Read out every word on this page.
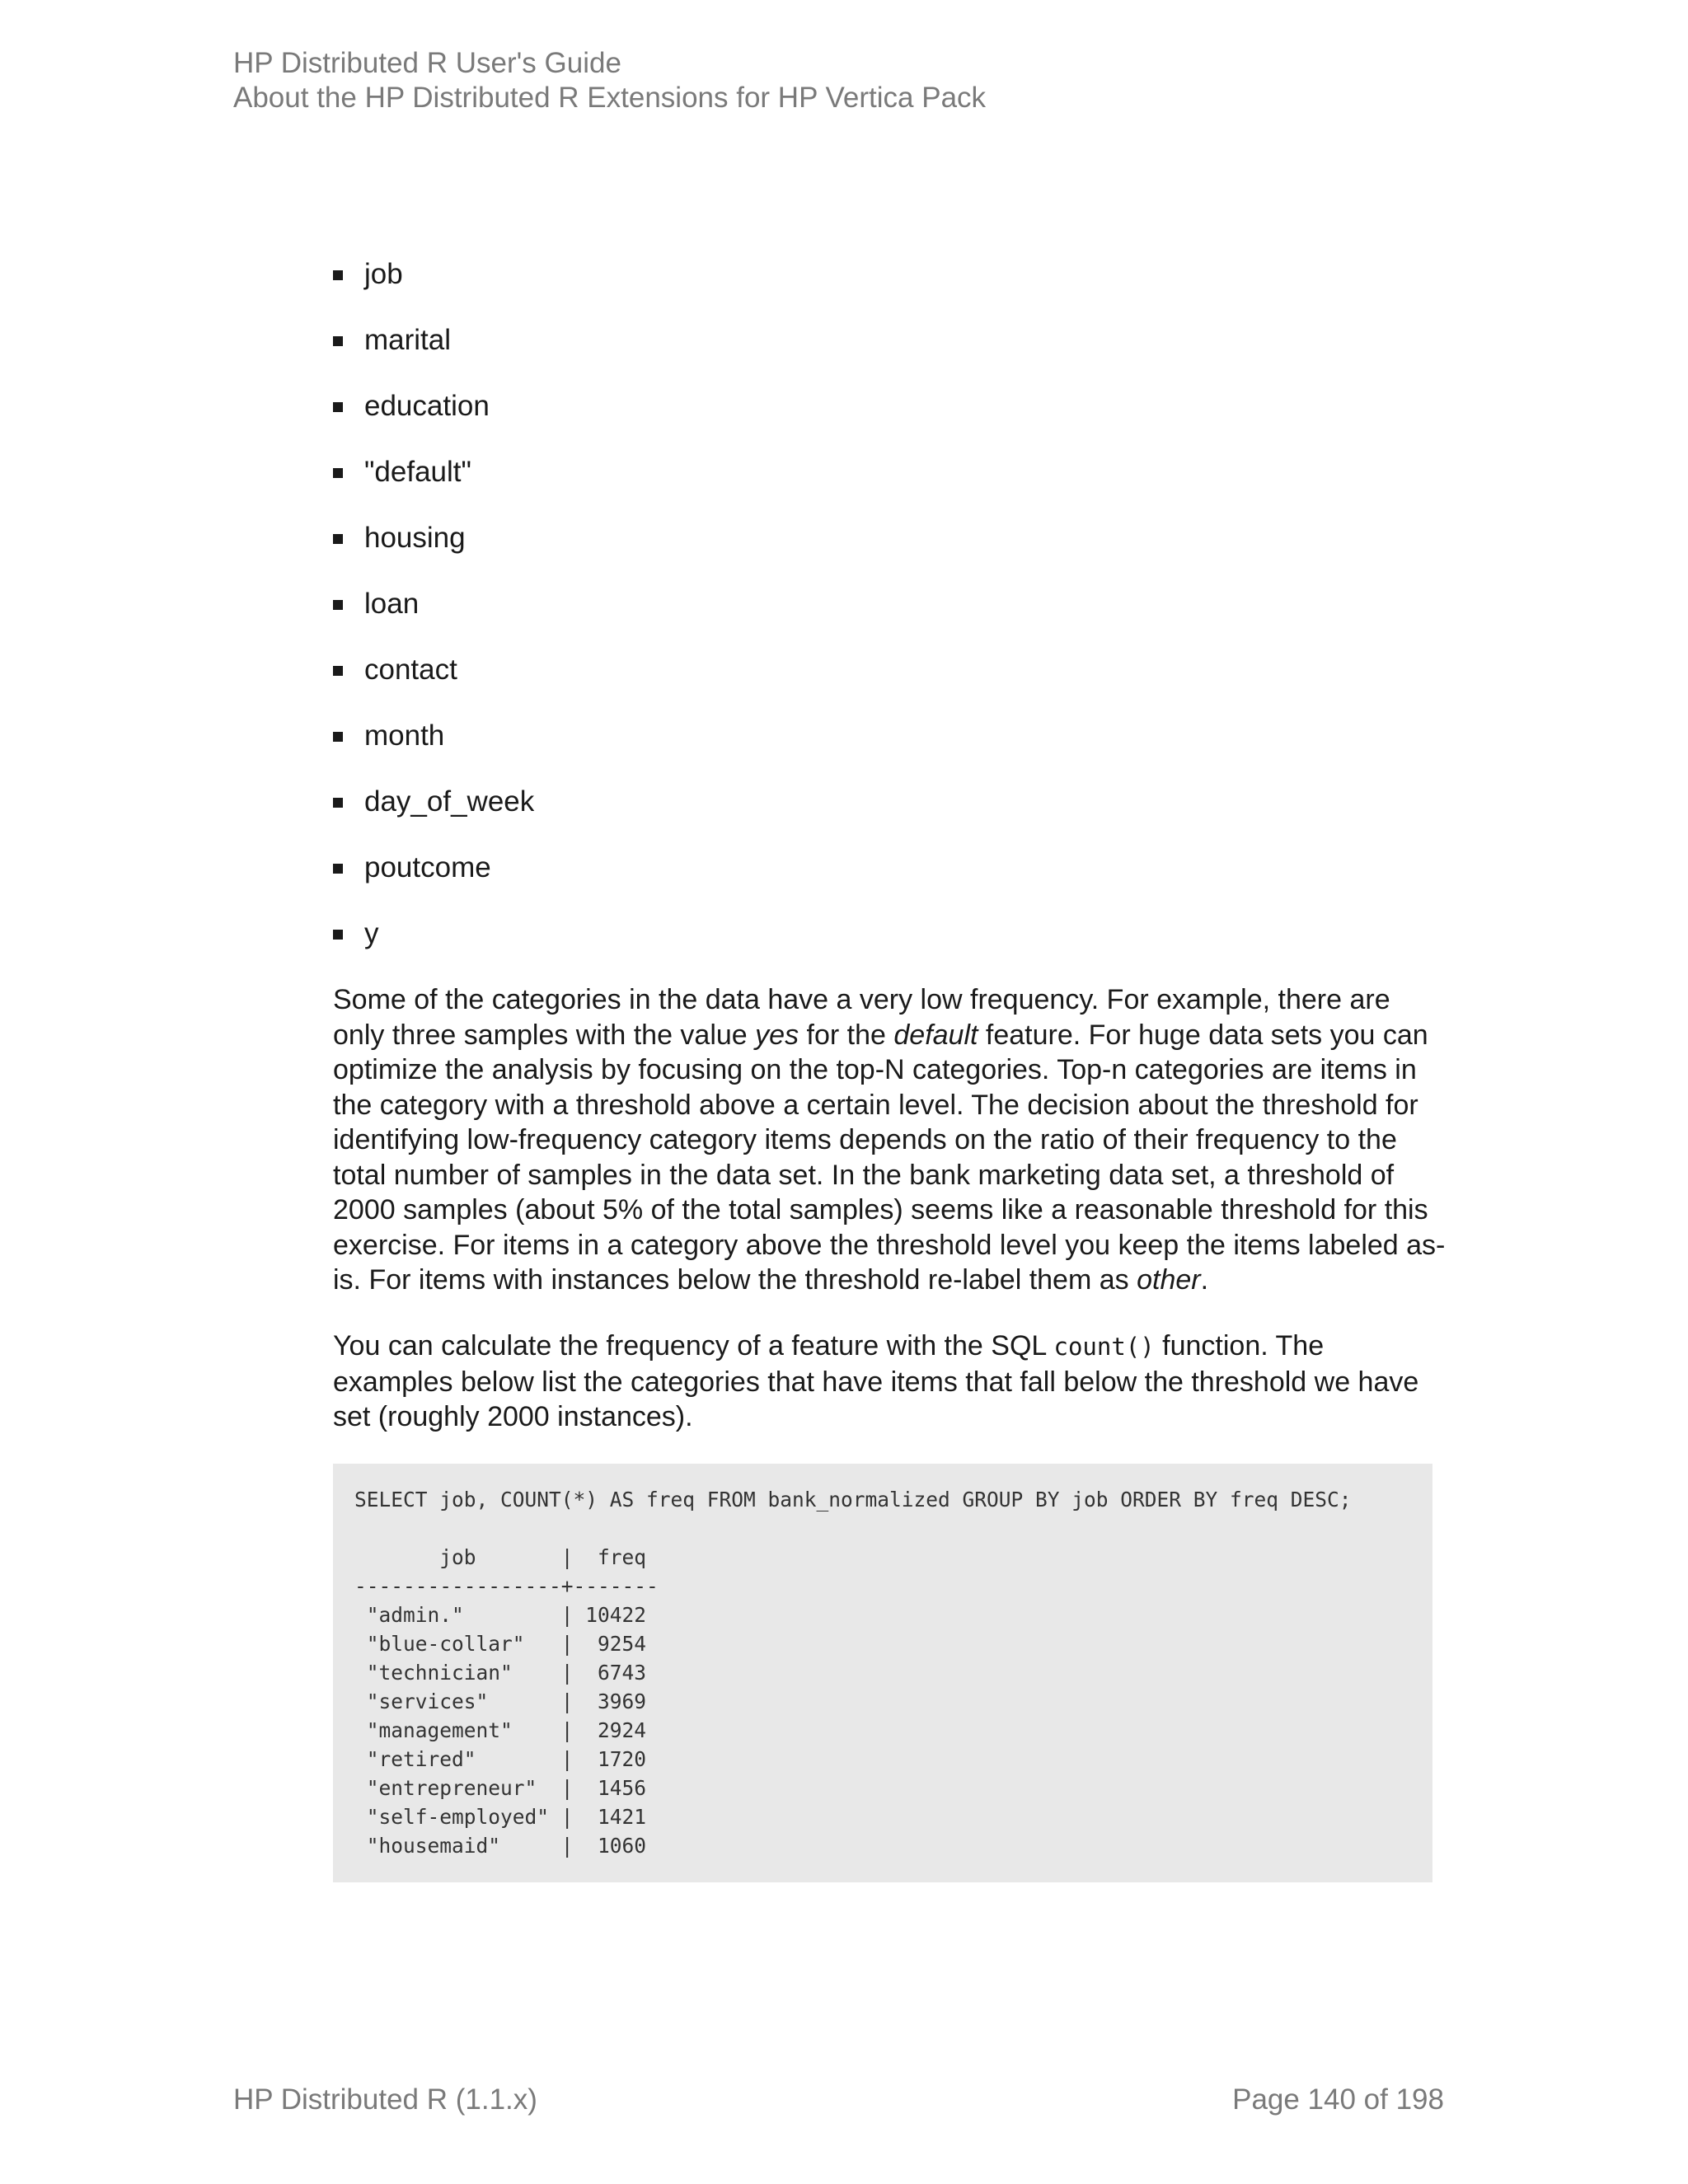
HP Distributed R User's Guide
About the HP Distributed R Extensions for HP Vertica Pack
job
marital
education
"default"
housing
loan
contact
month
day_of_week
poutcome
y

Some of the categories in the data have a very low frequency. For example, there are only three samples with the value yes for the default feature. For huge data sets you can optimize the analysis by focusing on the top-N categories. Top-n categories are items in the category with a threshold above a certain level. The decision about the threshold for identifying low-frequency category items depends on the ratio of their frequency to the total number of samples in the data set. In the bank marketing data set, a threshold of 2000 samples (about 5% of the total samples) seems like a reasonable threshold for this exercise. For items in a category above the threshold level you keep the items labeled as-is. For items with instances below the threshold re-label them as other.

You can calculate the frequency of a feature with the SQL count() function. The examples below list the categories that have items that fall below the threshold we have set (roughly 2000 instances).

SELECT job, COUNT(*) AS freq FROM bank_normalized GROUP BY job ORDER BY freq DESC;

job       |  freq
-----------------+-------
"admin."        | 10422
"blue-collar"   |  9254
"technician"    |  6743
"services"      |  3969
"management"    |  2924
"retired"       |  1720
"entrepreneur"  |  1456
"self-employed" |  1421
"housemaid"     |  1060
HP Distributed R (1.1.x)	Page 140 of 198
